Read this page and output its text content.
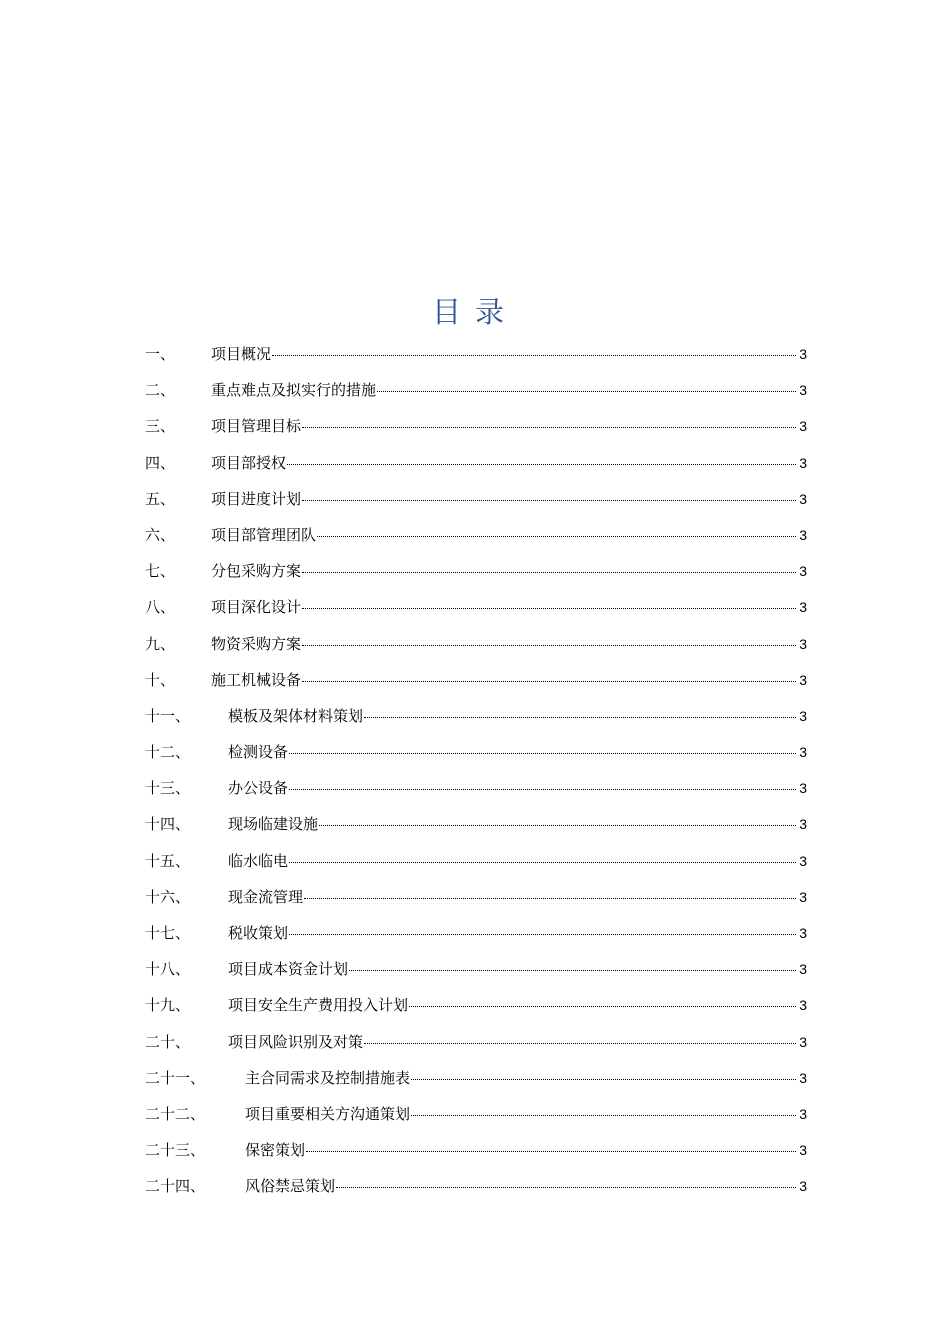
目录
一、	项目概况	3
二、	重点难点及拟实行的措施	3
三、	项目管理目标	3
四、	项目部授权	3
五、	项目进度计划	3
六、	项目部管理团队	3
七、	分包采购方案	3
八、	项目深化设计	3
九、	物资采购方案	3
十、	施工机械设备	3
十一、	模板及架体材料策划	3
十二、	检测设备	3
十三、	办公设备	3
十四、	现场临建设施	3
十五、	临水临电	3
十六、	现金流管理	3
十七、	税收策划	3
十八、	项目成本资金计划	3
十九、	项目安全生产费用投入计划	3
二十、	项目风险识别及对策	3
二十一、	主合同需求及控制措施表	3
二十二、	项目重要相关方沟通策划	3
二十三、	保密策划	3
二十四、	风俗禁忌策划	3
